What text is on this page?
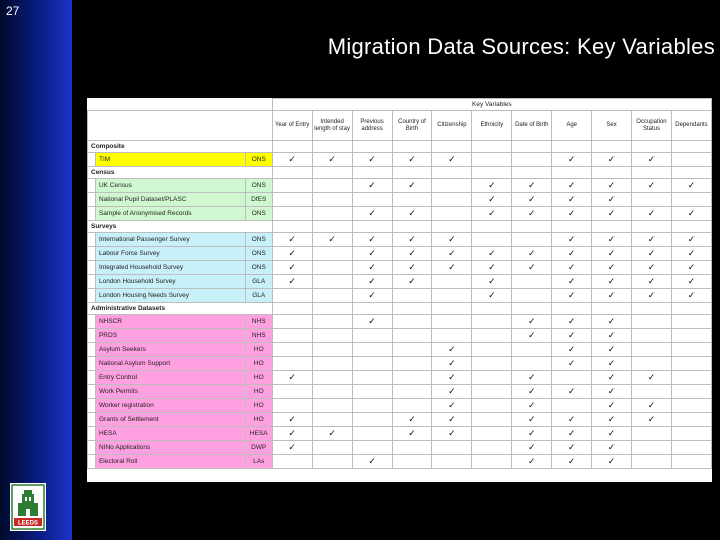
27
LEEDS
Migration Data Sources: Key Variables
			Key Variables										
			Year of Entry	Intended length of stay	Previous address	Country of Birth	Citizenship	Ethnicity	Date of Birth	Age	Sex	Occupation Status	Dependants
Composite													
	TIM	ONS	✓	✓	✓	✓	✓			✓	✓	✓	
Census													
	UK Census	ONS			✓	✓		✓	✓	✓	✓	✓	✓
	National Pupil Dataset/PLASC	DfES						✓	✓	✓	✓		
	Sample of Anonymised Records	ONS			✓	✓		✓	✓	✓	✓	✓	✓
Surveys													
	International Passenger Survey	ONS	✓	✓	✓	✓	✓			✓	✓	✓	✓
	Labour Force Survey	ONS	✓		✓	✓	✓	✓	✓	✓	✓	✓	✓
	Integrated Household Survey	ONS	✓		✓	✓	✓	✓	✓	✓	✓	✓	✓
	London Household Survey	GLA	✓		✓	✓		✓		✓	✓	✓	✓
	London Housing Needs Survey	GLA			✓			✓		✓	✓	✓	✓
Administrative Datasets													
	NHSCR	NHS			✓				✓	✓	✓		
	PRDS	NHS							✓	✓	✓		
	Asylum Seekers	HO					✓			✓	✓		
	National Asylum Support	HO					✓			✓	✓		
	Entry Control	HO	✓				✓		✓		✓	✓	
	Work Permits	HO					✓		✓	✓	✓		
	Worker registration	HO					✓		✓		✓	✓	
	Grants of Settlement	HO	✓			✓	✓		✓	✓	✓	✓	
	HESA	HESA	✓	✓		✓	✓		✓	✓	✓		
	NINo Applications	DWP	✓						✓	✓	✓		
	Electoral Roll	LAs			✓				✓	✓	✓		
